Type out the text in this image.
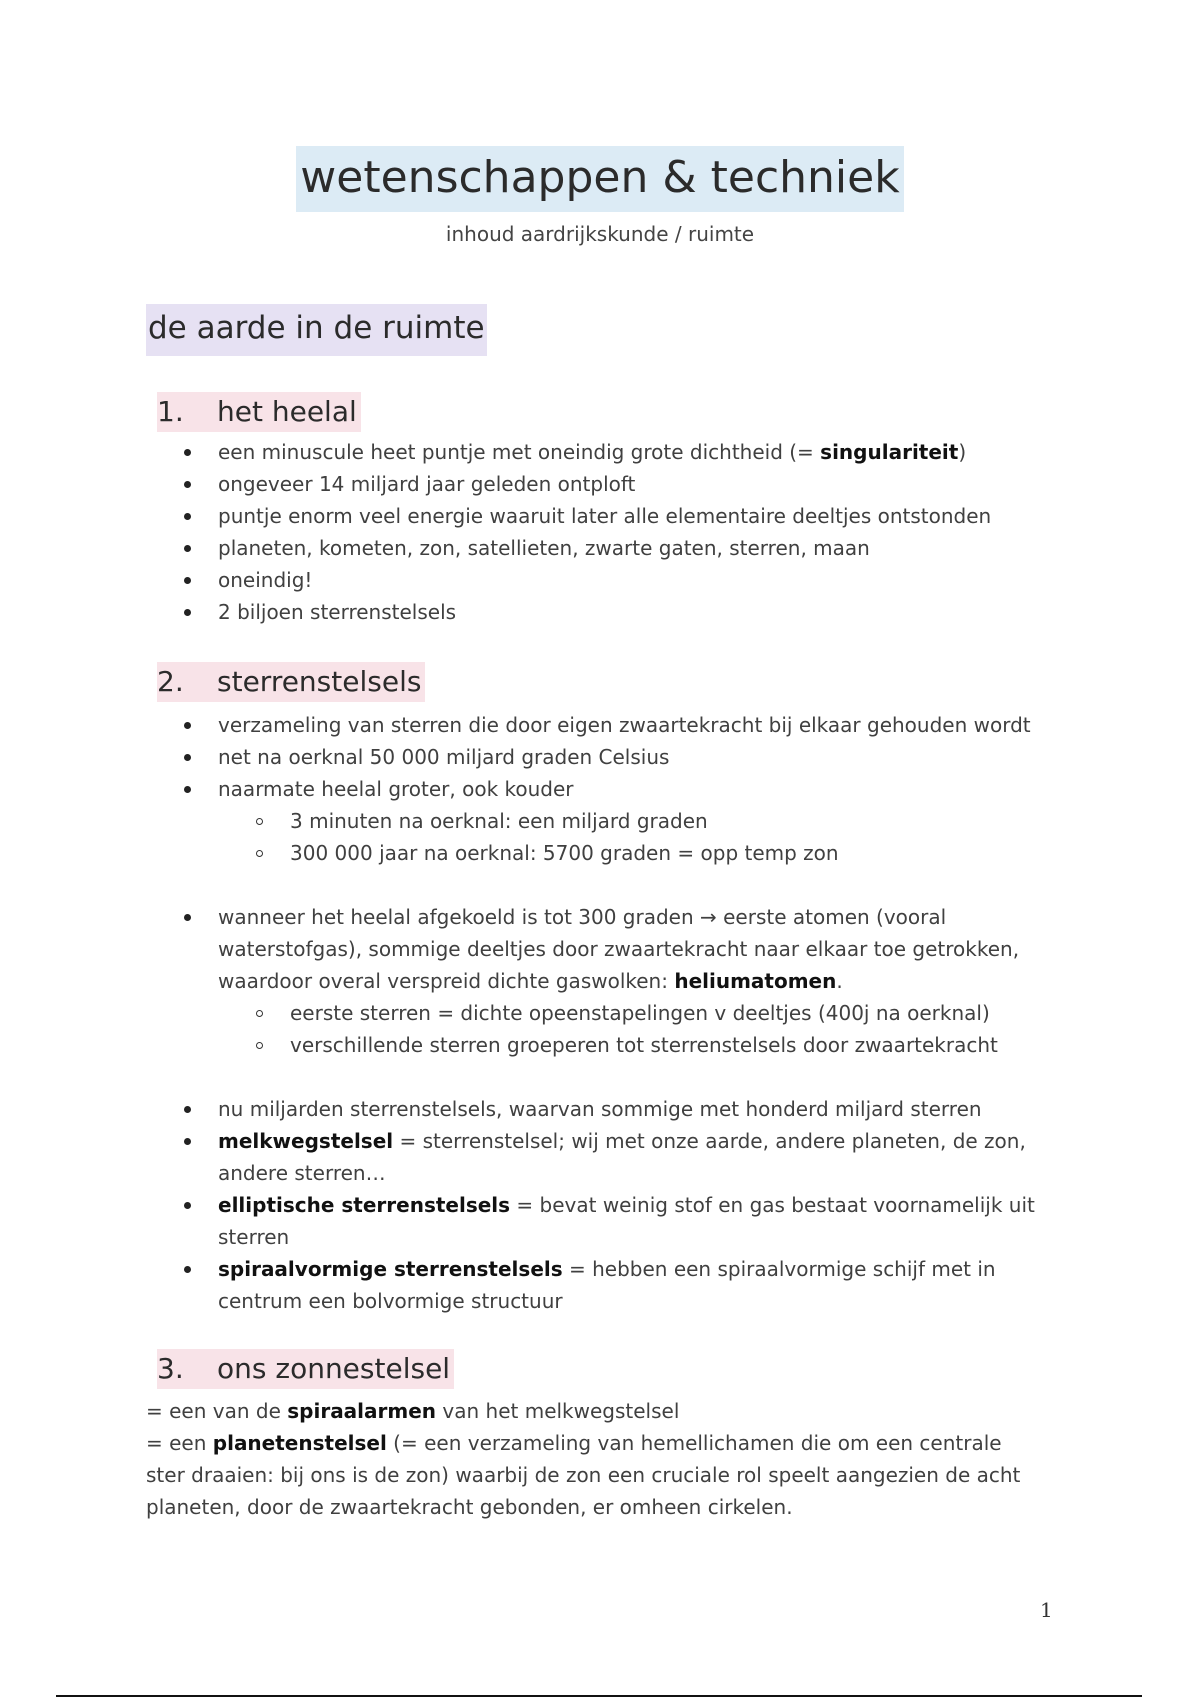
wetenschappen & techniek
inhoud aardrijkskunde / ruimte
de aarde in de ruimte
1. het heelal
een minuscule heet puntje met oneindig grote dichtheid (= singulariteit)
ongeveer 14 miljard jaar geleden ontploft
puntje enorm veel energie waaruit later alle elementaire deeltjes ontstonden
planeten, kometen, zon, satellieten, zwarte gaten, sterren, maan
oneindig!
2 biljoen sterrenstelsels
2. sterrenstelsels
verzameling van sterren die door eigen zwaartekracht bij elkaar gehouden wordt
net na oerknal 50 000 miljard graden Celsius
naarmate heelal groter, ook kouder
3 minuten na oerknal: een miljard graden
300 000 jaar na oerknal: 5700 graden = opp temp zon
wanneer het heelal afgekoeld is tot 300 graden → eerste atomen (vooral waterstofgas), sommige deeltjes door zwaartekracht naar elkaar toe getrokken, waardoor overal verspreid dichte gaswolken: heliumatomen.
eerste sterren = dichte opeenstapelingen v deeltjes (400j na oerknal)
verschillende sterren groeperen tot sterrenstelsels door zwaartekracht
nu miljarden sterrenstelsels, waarvan sommige met honderd miljard sterren
melkwegstelsel = sterrenstelsel; wij met onze aarde, andere planeten, de zon, andere sterren…
elliptische sterrenstelsels = bevat weinig stof en gas bestaat voornamelijk uit sterren
spiraalvormige sterrenstelsels = hebben een spiraalvormige schijf met in centrum een bolvormige structuur
3. ons zonnestelsel
= een van de spiraalarmen van het melkwegstelsel
= een planetenstelsel (= een verzameling van hemellichamen die om een centrale ster draaien: bij ons is de zon) waarbij de zon een cruciale rol speelt aangezien de acht planeten, door de zwaartekracht gebonden, er omheen cirkelen.
1
